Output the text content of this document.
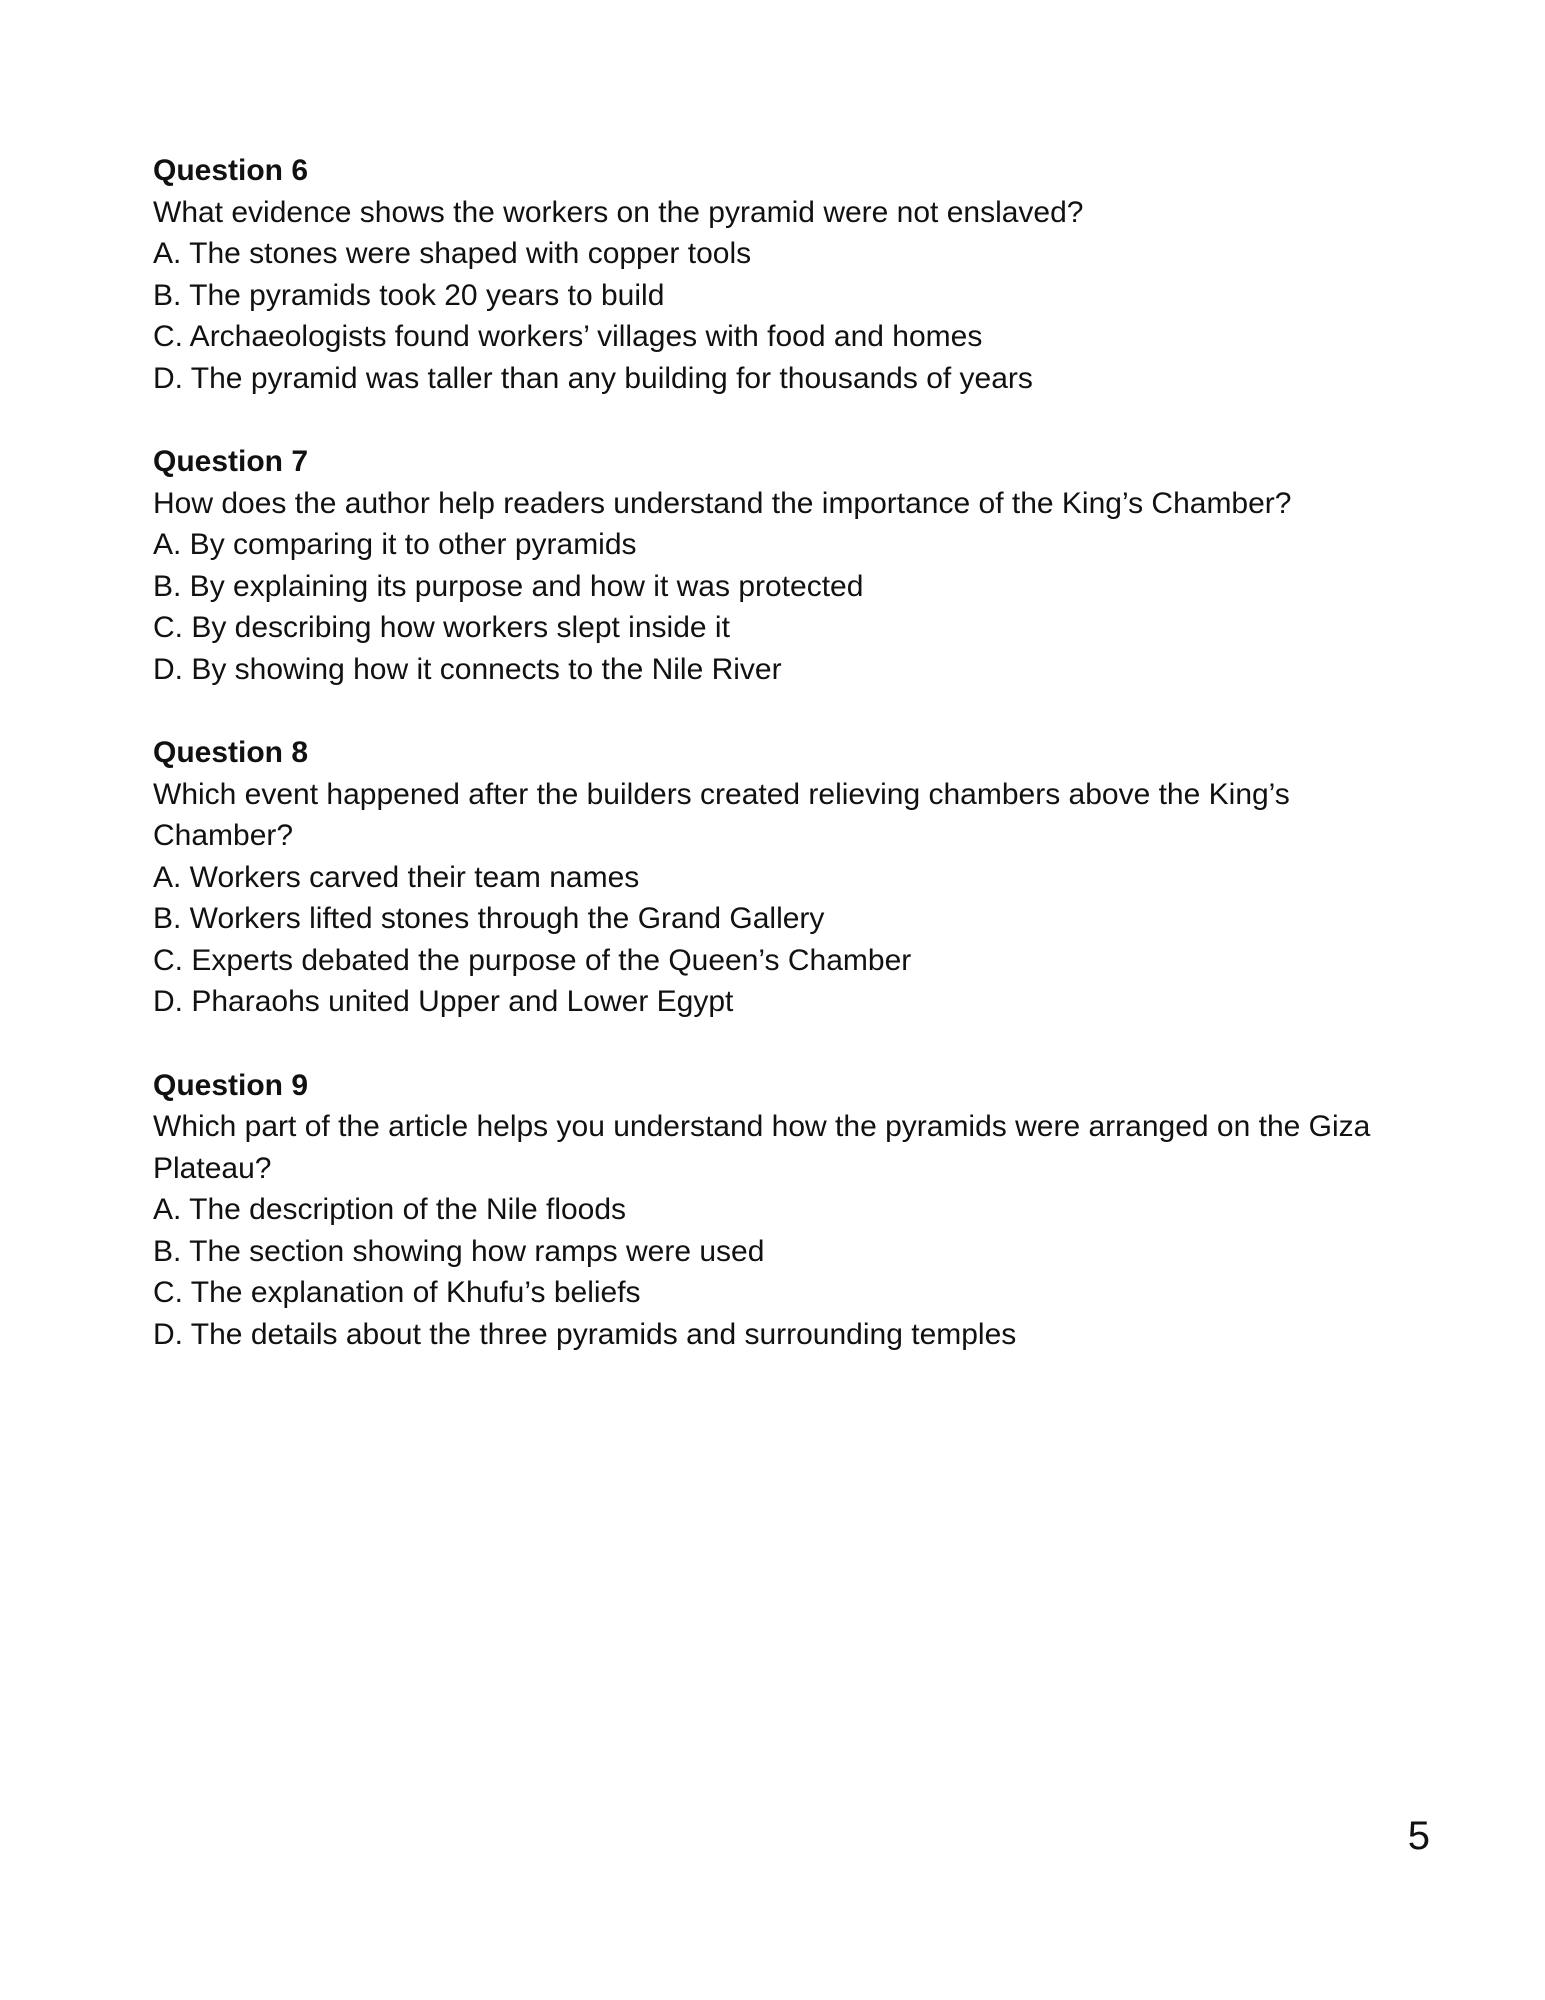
Question 6

What evidence shows the workers on the pyramid were not enslaved?

A. The stones were shaped with copper tools
B. The pyramids took 20 years to build
C. Archaeologists found workers’ villages with food and homes
D. The pyramid was taller than any building for thousands of years

Question 7

How does the author help readers understand the importance of the King’s Chamber?

A. By comparing it to other pyramids
B. By explaining its purpose and how it was protected
C. By describing how workers slept inside it
D. By showing how it connects to the Nile River

Question 8

Which event happened after the builders created relieving chambers above the King’s Chamber?

A. Workers carved their team names
B. Workers lifted stones through the Grand Gallery
C. Experts debated the purpose of the Queen’s Chamber
D. Pharaohs united Upper and Lower Egypt

Question 9

Which part of the article helps you understand how the pyramids were arranged on the Giza Plateau?

A. The description of the Nile floods
B. The section showing how ramps were used
C. The explanation of Khufu’s beliefs
D. The details about the three pyramids and surrounding temples
5
